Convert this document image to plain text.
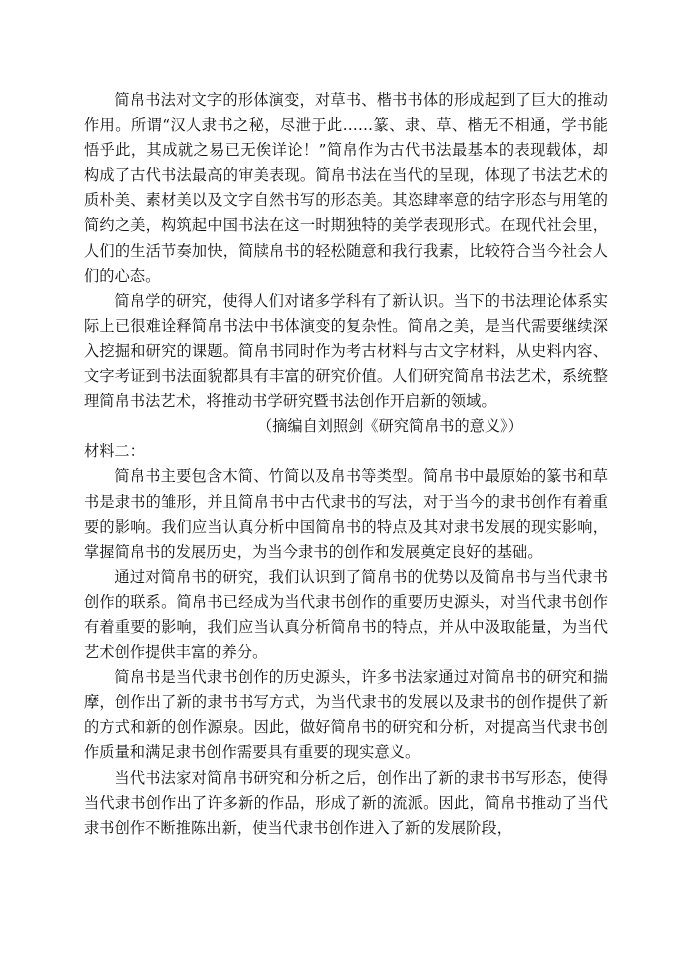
简帛书法对文字的形体演变，对草书、楷书书体的形成起到了巨大的推动作用。所谓“汉人隶书之秘，尽泄于此……篆、隶、草、楷无不相通，学书能悟乎此，其成就之易已无俟详论！”简帛作为古代书法最基本的表现载体，却构成了古代书法最高的审美表现。简帛书法在当代的呈现，体现了书法艺术的质朴美、素材美以及文字自然书写的形态美。其恣肆率意的结字形态与用笔的简约之美，构筑起中国书法在这一时期独特的美学表现形式。在现代社会里，人们的生活节奏加快，简牍帛书的轻松随意和我行我素，比较符合当今社会人们的心态。

简帛学的研究，使得人们对诸多学科有了新认识。当下的书法理论体系实际上已很难诠释简帛书法中书体演变的复杂性。简帛之美，是当代需要继续深入挖掘和研究的课题。简帛书同时作为考古材料与古文字材料，从史料内容、文字考证到书法面貌都具有丰富的研究价值。人们研究简帛书法艺术，系统整理简帛书法艺术，将推动书学研究暨书法创作开启新的领域。

（摘编自刘照剑《研究简帛书的意义》）

材料二：

简帛书主要包含木简、竹简以及帛书等类型。简帛书中最原始的篆书和草书是隶书的雏形，并且简帛书中古代隶书的写法，对于当今的隶书创作有着重要的影响。我们应当认真分析中国简帛书的特点及其对隶书发展的现实影响，掌握简帛书的发展历史，为当今隶书的创作和发展奠定良好的基础。

通过对简帛书的研究，我们认识到了简帛书的优势以及简帛书与当代隶书创作的联系。简帛书已经成为当代隶书创作的重要历史源头，对当代隶书创作有着重要的影响，我们应当认真分析简帛书的特点，并从中汲取能量，为当代艺术创作提供丰富的养分。

简帛书是当代隶书创作的历史源头，许多书法家通过对简帛书的研究和揣摩，创作出了新的隶书书写方式，为当代隶书的发展以及隶书的创作提供了新的方式和新的创作源泉。因此，做好简帛书的研究和分析，对提高当代隶书创作质量和满足隶书创作需要具有重要的现实意义。

当代书法家对简帛书研究和分析之后，创作出了新的隶书书写形态，使得当代隶书创作出了许多新的作品，形成了新的流派。因此，简帛书推动了当代隶书创作不断推陈出新，使当代隶书创作进入了新的发展阶段，
